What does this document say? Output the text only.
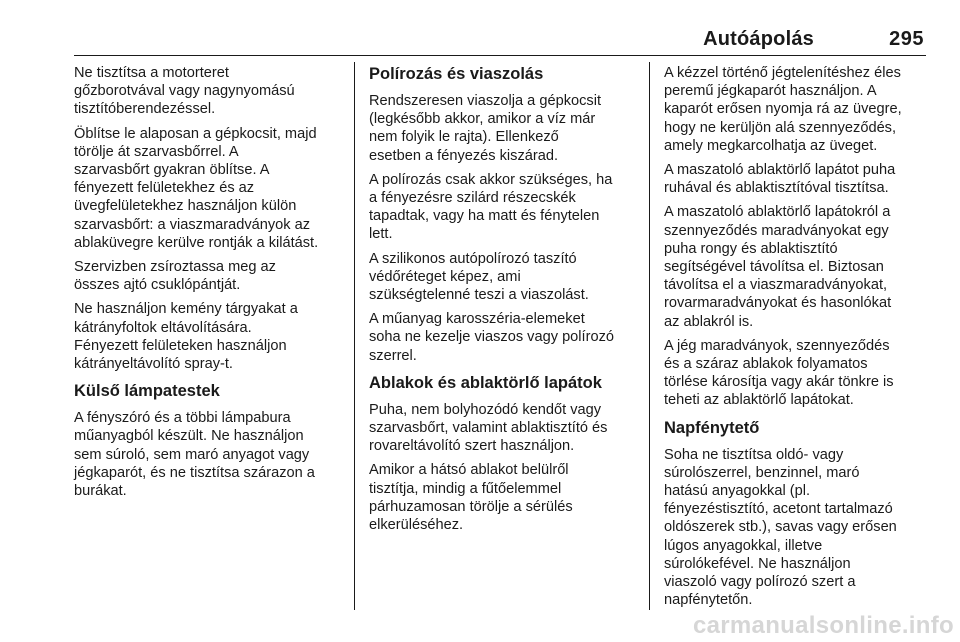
Autóápolás	295

Ne tisztítsa a motorteret
gőzborotvával vagy nagynyomású
tisztítóberendezéssel.

Öblítse le alaposan a gépkocsit, majd
törölje át szarvasbőrrel. A
szarvasbőrt gyakran öblítse. A
fényezett felületekhez és az
üvegfelületekhez használjon külön
szarvasbőrt: a viaszmaradványok az
ablaküvegre kerülve rontják a kilátást.

Szervizben zsíroztassa meg az
összes ajtó csuklópántját.

Ne használjon kemény tárgyakat a
kátrányfoltok eltávolítására.
Fényezett felületeken használjon
kátrányeltávolító spray-t.

Külső lámpatestek

A fényszóró és a többi lámpabura
műanyagból készült. Ne használjon
sem súroló, sem maró anyagot vagy
jégkaparót, és ne tisztítsa szárazon a
burákat.

Polírozás és viaszolás

Rendszeresen viaszolja a gépkocsit
(legkésőbb akkor, amikor a víz már
nem folyik le rajta). Ellenkező
esetben a fényezés kiszárad.

A polírozás csak akkor szükséges, ha
a fényezésre szilárd részecskék
tapadtak, vagy ha matt és fénytelen
lett.

A szilikonos autópolírozó taszító
védőréteget képez, ami
szükségtelenné teszi a viaszolást.

A műanyag karosszéria-elemeket
soha ne kezelje viaszos vagy polírozó
szerrel.

Ablakok és ablaktörlő lapátok

Puha, nem bolyhozódó kendőt vagy
szarvasbőrt, valamint ablaktisztító és
rovareltávolító szert használjon.

Amikor a hátsó ablakot belülről
tisztítja, mindig a fűtőelemmel
párhuzamosan törölje a sérülés
elkerüléséhez.

A kézzel történő jégtelenítéshez éles
peremű jégkaparót használjon. A
kaparót erősen nyomja rá az üvegre,
hogy ne kerüljön alá szennyeződés,
amely megkarcolhatja az üveget.

A maszatoló ablaktörlő lapátot puha
ruhával és ablaktisztítóval tisztítsa.

A maszatoló ablaktörlő lapátokról a
szennyeződés maradványokat egy
puha rongy és ablaktisztító
segítségével távolítsa el. Biztosan
távolítsa el a viaszmaradványokat,
rovarmaradványokat és hasonlókat
az ablakról is.

A jég maradványok, szennyeződés
és a száraz ablakok folyamatos
törlése károsítja vagy akár tönkre is
teheti az ablaktörlő lapátokat.

Napfénytető

Soha ne tisztítsa oldó- vagy
súrolószerrel, benzinnel, maró
hatású anyagokkal (pl.
fényezéstisztító, acetont tartalmazó
oldószerek stb.), savas vagy erősen
lúgos anyagokkal, illetve
súrolókefével. Ne használjon
viaszoló vagy polírozó szert a
napfénytetőn.

carmanualsonline.info
